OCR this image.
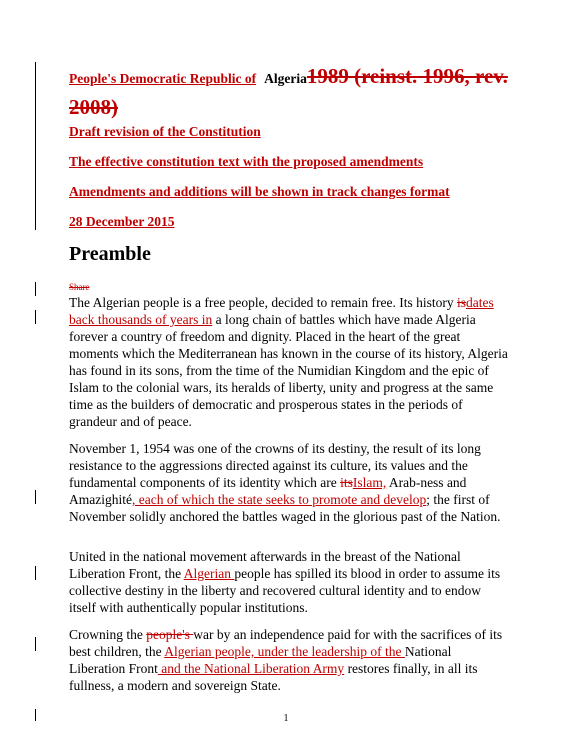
People's Democratic Republic of Algeria1989 (reinst. 1996, rev. 2008)

Draft revision of the Constitution

The effective constitution text with the proposed amendments

Amendments and additions will be shown in track changes format

28 December 2015

Preamble
Share

The Algerian people is a free people, decided to remain free. Its history isdates back thousands of years in a long chain of battles which have made Algeria forever a country of freedom and dignity. Placed in the heart of the great moments which the Mediterranean has known in the course of its history, Algeria has found in its sons, from the time of the Numidian Kingdom and the epic of Islam to the colonial wars, its heralds of liberty, unity and progress at the same time as the builders of democratic and prosperous states in the periods of grandeur and of peace.

November 1, 1954 was one of the crowns of its destiny, the result of its long resistance to the aggressions directed against its culture, its values and the fundamental components of its identity which are itsIslam, Arab-ness and Amazighité, each of which the state seeks to promote and develop; the first of November solidly anchored the battles waged in the glorious past of the Nation.

United in the national movement afterwards in the breast of the National Liberation Front, the Algerian people has spilled its blood in order to assume its collective destiny in the liberty and recovered cultural identity and to endow itself with authentically popular institutions.

Crowning the people's war by an independence paid for with the sacrifices of its best children, the Algerian people, under the leadership of the National Liberation Front and the National Liberation Army restores finally, in all its fullness, a modern and sovereign State.

1
